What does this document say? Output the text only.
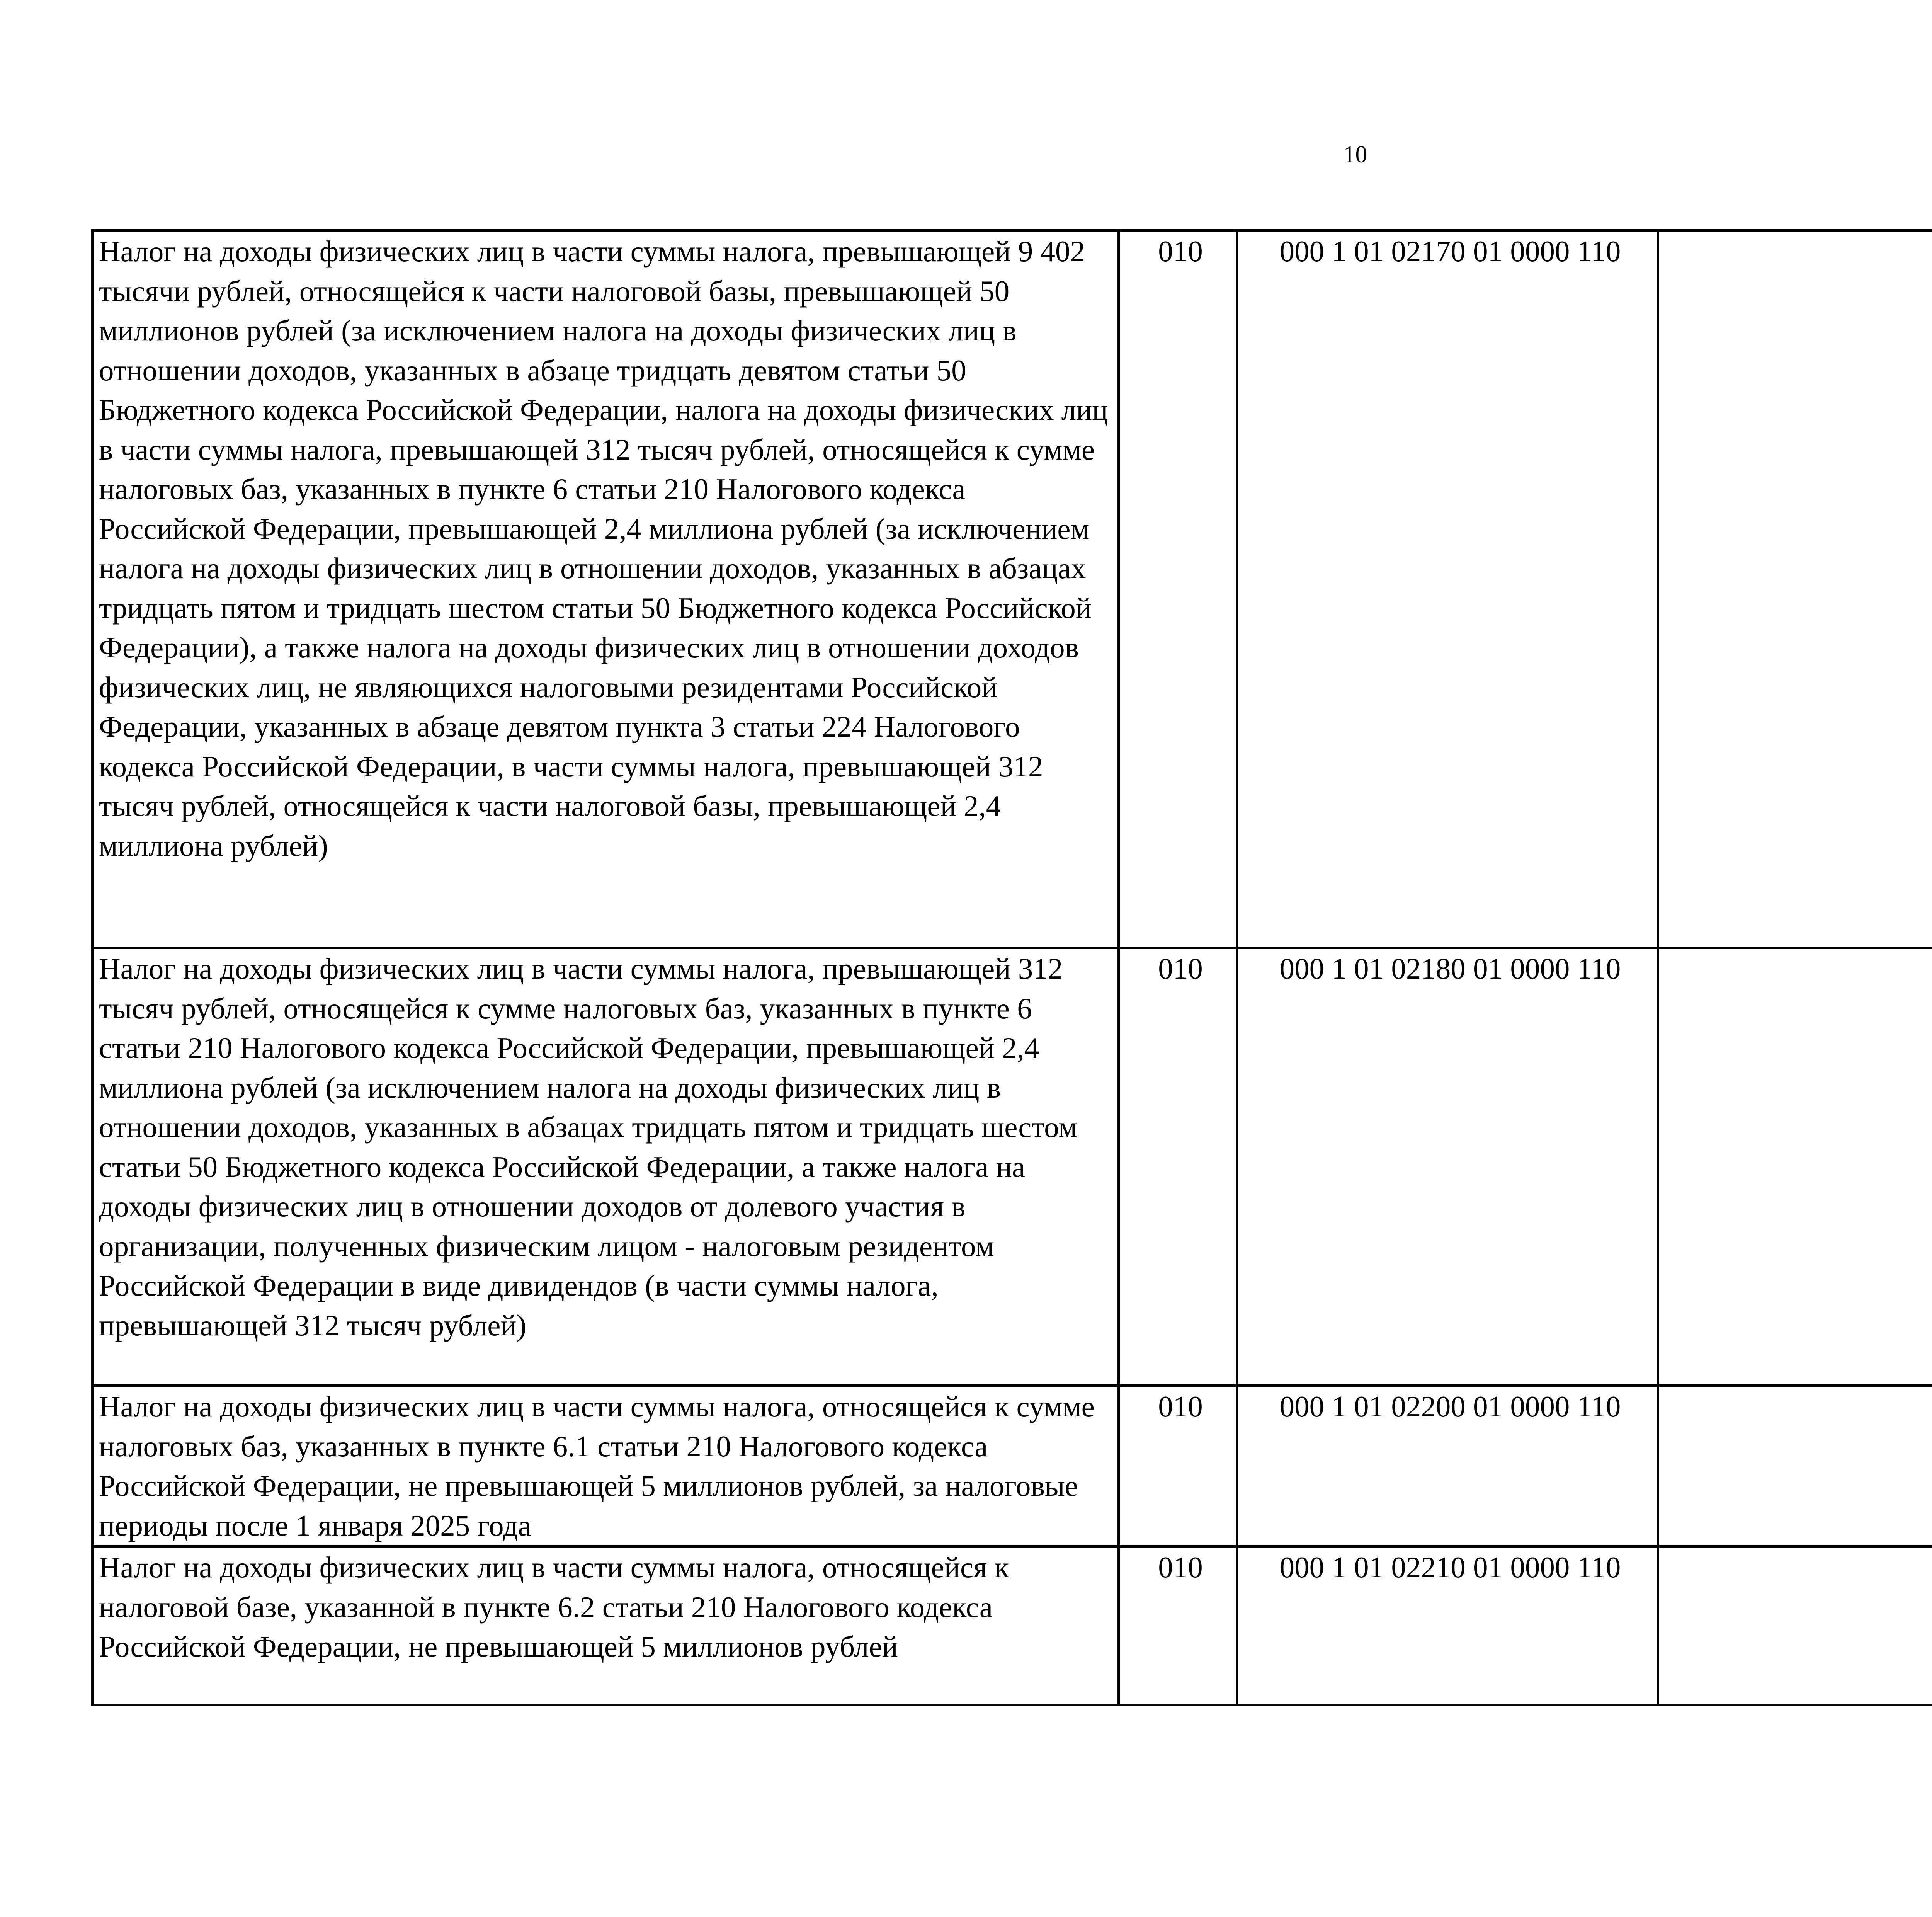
10
Налог на доходы физических лиц в части суммы налога, превышающей 9 402 тысячи рублей, относящейся к части налоговой базы, превышающей 50 миллионов рублей (за исключением налога на доходы физических лиц в отношении доходов, указанных в абзаце тридцать девятом статьи 50 Бюджетного кодекса Российской Федерации, налога на доходы физических лиц в части суммы налога, превышающей 312 тысяч рублей, относящейся к сумме налоговых баз, указанных в пункте 6 статьи 210 Налогового кодекса Российской Федерации, превышающей 2,4 миллиона рублей (за исключением налога на доходы физических лиц в отношении доходов, указанных в абзацах тридцать пятом и тридцать шестом статьи 50 Бюджетного кодекса Российской Федерации), а также налога на доходы физических лиц в отношении доходов физических лиц, не являющихся налоговыми резидентами Российской Федерации, указанных в абзаце девятом пункта 3 статьи 224 Налогового кодекса Российской Федерации, в части суммы налога, превышающей 312 тысяч рублей, относящейся к части налоговой базы, превышающей 2,4 миллиона рублей)	010	000 1 01 02170 01 0000 110			
Налог на доходы физических лиц в части суммы налога, превышающей 312 тысяч рублей, относящейся к сумме налоговых баз, указанных в пункте 6 статьи 210 Налогового кодекса Российской Федерации, превышающей 2,4 миллиона рублей (за исключением налога на доходы физических лиц в отношении доходов, указанных в абзацах тридцать пятом и тридцать шестом статьи 50 Бюджетного кодекса Российской Федерации, а также налога на доходы физических лиц в отношении доходов от долевого участия в организации, полученных физическим лицом - налоговым резидентом Российской Федерации в виде дивидендов (в части суммы налога, превышающей 312 тысяч рублей)	010	000 1 01 02180 01 0000 110			
Налог на доходы физических лиц в части суммы налога, относящейся к сумме налоговых баз, указанных в пункте 6.1 статьи 210 Налогового кодекса Российской Федерации, не превышающей 5 миллионов рублей, за налоговые периоды после 1 января 2025 года	010	000 1 01 02200 01 0000 110			
Налог на доходы физических лиц в части суммы налога, относящейся к налоговой базе, указанной в пункте 6.2 статьи 210 Налогового кодекса Российской Федерации, не превышающей 5 миллионов рублей	010	000 1 01 02210 01 0000 110			
